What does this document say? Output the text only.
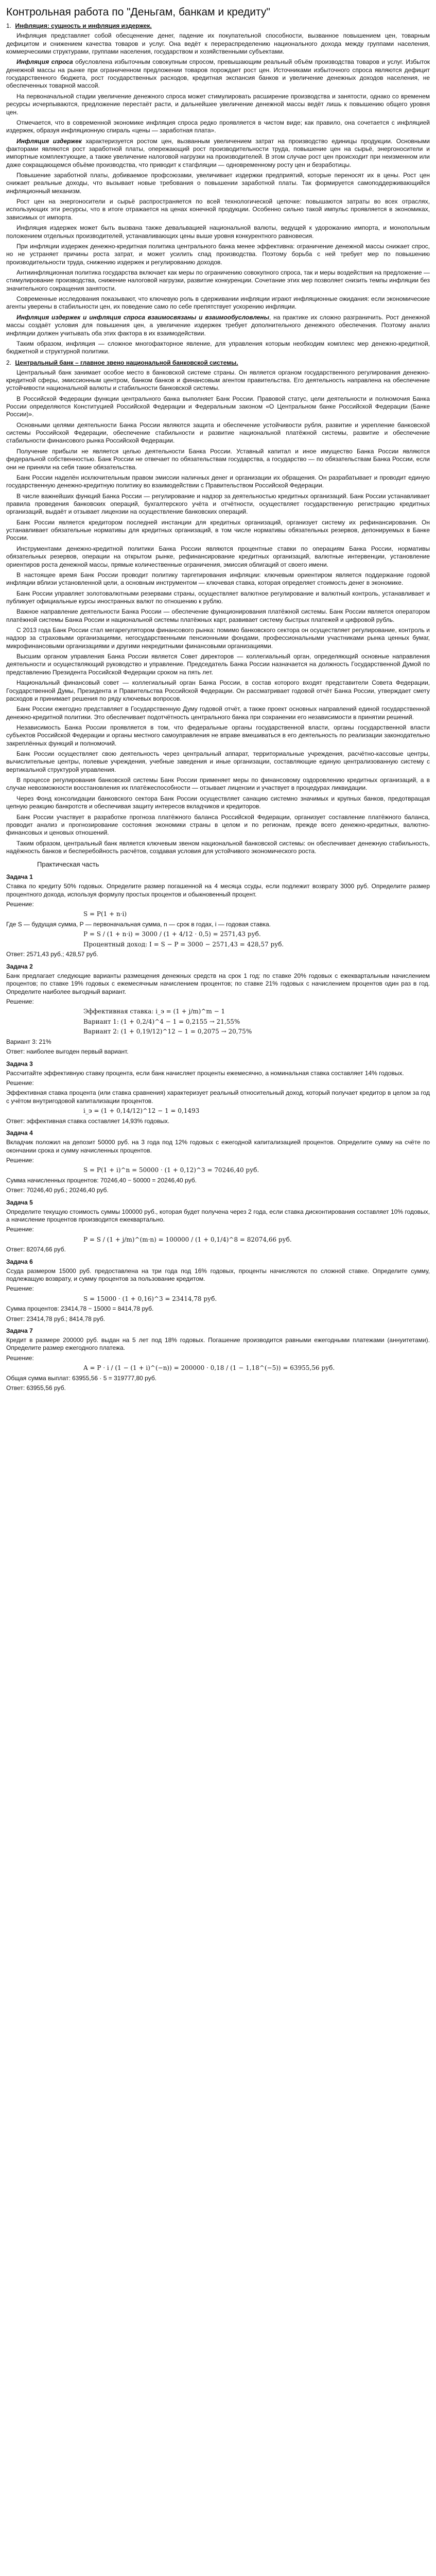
Контрольная работа по "Деньгам, банкам и кредиту"
1. Инфляция: сущность и инфляция издержек.

Инфляция представляет собой обесценение денег, падение их покупательной способности, вызванное повышением цен, товарным дефицитом и снижением качества товаров и услуг. Она ведёт к перераспределению национального дохода между группами населения, коммерческими структурами, группами населения, государством и хозяйственными субъектами.

Инфляция спроса обусловлена избыточным совокупным спросом, превышающим реальный объём производства товаров и услуг. Избыток денежной массы на рынке при ограниченном предложении товаров порождает рост цен. Источниками избыточного спроса являются дефицит государственного бюджета, рост государственных расходов, кредитная экспансия банков и увеличение денежных доходов населения, не обеспеченных товарной массой.

На первоначальной стадии увеличение денежного спроса может стимулировать расширение производства и занятости, однако со временем ресурсы исчерпываются, предложение перестаёт расти, и дальнейшее увеличение денежной массы ведёт лишь к повышению общего уровня цен.

Отмечается, что в современной экономике инфляция спроса редко проявляется в чистом виде; как правило, она сочетается с инфляцией издержек, образуя инфляционную спираль «цены — заработная плата».

Инфляция издержек характеризуется ростом цен, вызванным увеличением затрат на производство единицы продукции. Основными факторами являются рост заработной платы, опережающий рост производительности труда, повышение цен на сырьё, энергоносители и импортные комплектующие, а также увеличение налоговой нагрузки на производителей. В этом случае рост цен происходит при неизменном или даже сокращающемся объёме производства, что приводит к стагфляции — одновременному росту цен и безработицы.

Повышение заработной платы, добиваемое профсоюзами, увеличивает издержки предприятий, которые переносят их в цены. Рост цен снижает реальные доходы, что вызывает новые требования о повышении заработной платы. Так формируется самоподдерживающийся инфляционный механизм.

Рост цен на энергоносители и сырьё распространяется по всей технологической цепочке: повышаются затраты во всех отраслях, использующих эти ресурсы, что в итоге отражается на ценах конечной продукции. Особенно сильно такой импульс проявляется в экономиках, зависимых от импорта.

Инфляция издержек может быть вызвана также девальвацией национальной валюты, ведущей к удорожанию импорта, и монопольным положением отдельных производителей, устанавливающих цены выше уровня конкурентного равновесия.

При инфляции издержек денежно-кредитная политика центрального банка менее эффективна: ограничение денежной массы снижает спрос, но не устраняет причины роста затрат, и может усилить спад производства. Поэтому борьба с ней требует мер по повышению производительности труда, снижению издержек и регулированию доходов.

Антиинфляционная политика государства включает как меры по ограничению совокупного спроса, так и меры воздействия на предложение — стимулирование производства, снижение налоговой нагрузки, развитие конкуренции. Сочетание этих мер позволяет снизить темпы инфляции без значительного сокращения занятости.

Современные исследования показывают, что ключевую роль в сдерживании инфляции играют инфляционные ожидания: если экономические агенты уверены в стабильности цен, их поведение само по себе препятствует ускорению инфляции.

Инфляция издержек и инфляция спроса взаимосвязаны и взаимообусловлены, на практике их сложно разграничить. Рост денежной массы создаёт условия для повышения цен, а увеличение издержек требует дополнительного денежного обеспечения. Поэтому анализ инфляции должен учитывать оба этих фактора в их взаимодействии.

Таким образом, инфляция — сложное многофакторное явление, для управления которым необходим комплекс мер денежно-кредитной, бюджетной и структурной политики.

2. Центральный банк – главное звено национальной банковской системы.

Центральный банк занимает особое место в банковской системе страны. Он является органом государственного регулирования денежно-кредитной сферы, эмиссионным центром, банком банков и финансовым агентом правительства. Его деятельность направлена на обеспечение устойчивости национальной валюты и стабильности банковской системы.

В Российской Федерации функции центрального банка выполняет Банк России. Правовой статус, цели деятельности и полномочия Банка России определяются Конституцией Российской Федерации и Федеральным законом «О Центральном банке Российской Федерации (Банке России)».

Основными целями деятельности Банка России являются защита и обеспечение устойчивости рубля, развитие и укрепление банковской системы Российской Федерации, обеспечение стабильности и развитие национальной платёжной системы, развитие и обеспечение стабильности финансового рынка Российской Федерации.

Получение прибыли не является целью деятельности Банка России. Уставный капитал и иное имущество Банка России являются федеральной собственностью. Банк России не отвечает по обязательствам государства, а государство — по обязательствам Банка России, если они не приняли на себя такие обязательства.

Банк России наделён исключительным правом эмиссии наличных денег и организации их обращения. Он разрабатывает и проводит единую государственную денежно-кредитную политику во взаимодействии с Правительством Российской Федерации.

В числе важнейших функций Банка России — регулирование и надзор за деятельностью кредитных организаций. Банк России устанавливает правила проведения банковских операций, бухгалтерского учёта и отчётности, осуществляет государственную регистрацию кредитных организаций, выдаёт и отзывает лицензии на осуществление банковских операций.

Банк России является кредитором последней инстанции для кредитных организаций, организует систему их рефинансирования. Он устанавливает обязательные нормативы для кредитных организаций, в том числе нормативы обязательных резервов, депонируемых в Банке России.

Инструментами денежно-кредитной политики Банка России являются процентные ставки по операциям Банка России, нормативы обязательных резервов, операции на открытом рынке, рефинансирование кредитных организаций, валютные интервенции, установление ориентиров роста денежной массы, прямые количественные ограничения, эмиссия облигаций от своего имени.

В настоящее время Банк России проводит политику таргетирования инфляции: ключевым ориентиром является поддержание годовой инфляции вблизи установленной цели, а основным инструментом — ключевая ставка, которая определяет стоимость денег в экономике.

Банк России управляет золотовалютными резервами страны, осуществляет валютное регулирование и валютный контроль, устанавливает и публикует официальные курсы иностранных валют по отношению к рублю.

Важное направление деятельности Банка России — обеспечение функционирования платёжной системы. Банк России является оператором платёжной системы Банка России и национальной системы платёжных карт, развивает систему быстрых платежей и цифровой рубль.

С 2013 года Банк России стал мегарегулятором финансового рынка: помимо банковского сектора он осуществляет регулирование, контроль и надзор за страховыми организациями, негосударственными пенсионными фондами, профессиональными участниками рынка ценных бумаг, микрофинансовыми организациями и другими некредитными финансовыми организациями.

Высшим органом управления Банка России является Совет директоров — коллегиальный орган, определяющий основные направления деятельности и осуществляющий руководство и управление. Председатель Банка России назначается на должность Государственной Думой по представлению Президента Российской Федерации сроком на пять лет.

Национальный финансовый совет — коллегиальный орган Банка России, в состав которого входят представители Совета Федерации, Государственной Думы, Президента и Правительства Российской Федерации. Он рассматривает годовой отчёт Банка России, утверждает смету расходов и принимает решения по ряду ключевых вопросов.

Банк России ежегодно представляет в Государственную Думу годовой отчёт, а также проект основных направлений единой государственной денежно-кредитной политики. Это обеспечивает подотчётность центрального банка при сохранении его независимости в принятии решений.

Независимость Банка России проявляется в том, что федеральные органы государственной власти, органы государственной власти субъектов Российской Федерации и органы местного самоуправления не вправе вмешиваться в его деятельность по реализации законодательно закреплённых функций и полномочий.

Банк России осуществляет свою деятельность через центральный аппарат, территориальные учреждения, расчётно-кассовые центры, вычислительные центры, полевые учреждения, учебные заведения и иные организации, составляющие единую централизованную систему с вертикальной структурой управления.

В процессе регулирования банковской системы Банк России применяет меры по финансовому оздоровлению кредитных организаций, а в случае невозможности восстановления их платёжеспособности — отзывает лицензии и участвует в процедурах ликвидации.

Через Фонд консолидации банковского сектора Банк России осуществляет санацию системно значимых и крупных банков, предотвращая цепную реакцию банкротств и обеспечивая защиту интересов вкладчиков и кредиторов.

Банк России участвует в разработке прогноза платёжного баланса Российской Федерации, организует составление платёжного баланса, проводит анализ и прогнозирование состояния экономики страны в целом и по регионам, прежде всего денежно-кредитных, валютно-финансовых и ценовых отношений.

Таким образом, центральный банк является ключевым звеном национальной банковской системы: он обеспечивает денежную стабильность, надёжность банков и бесперебойность расчётов, создавая условия для устойчивого экономического роста.

Практическая часть
Задача 1
Ставка по кредиту 50% годовых. Определите размер погашенной на 4 месяца ссуды, если подлежит возврату 3000 руб. Определите размер процентного дохода, используя формулу простых процентов и обыкновенный процент.
Решение:
S = P(1 + n·i)
Где S — будущая сумма, P — первоначальная сумма, n — срок в годах, i — годовая ставка.
P = S / (1 + n·i) = 3000 / (1 + 4/12 · 0,5) = 2571,43 руб.
Процентный доход: I = S − P = 3000 − 2571,43 = 428,57 руб.
Ответ: 2571,43 руб.; 428,57 руб.
Задача 2
Банк предлагает следующие варианты размещения денежных средств на срок 1 год: по ставке 20% годовых с ежеквартальным начислением процентов; по ставке 19% годовых с ежемесячным начислением процентов; по ставке 21% годовых с начислением процентов один раз в год. Определите наиболее выгодный вариант.
Решение:
Эффективная ставка: i_э = (1 + j/m)^m − 1
Вариант 1: (1 + 0,2/4)^4 − 1 = 0,2155 → 21,55%
Вариант 2: (1 + 0,19/12)^12 − 1 = 0,2075 → 20,75%
Вариант 3: 21%
Ответ: наиболее выгоден первый вариант.
Задача 3
Рассчитайте эффективную ставку процента, если банк начисляет проценты ежемесячно, а номинальная ставка составляет 14% годовых.
Решение:
Эффективная ставка процента (или ставка сравнения) характеризует реальный относительный доход, который получает кредитор в целом за год с учётом внутригодовой капитализации процентов.
i_э = (1 + 0,14/12)^12 − 1 = 0,1493
Ответ: эффективная ставка составляет 14,93% годовых.
Задача 4
Вкладчик положил на депозит 50000 руб. на 3 года под 12% годовых с ежегодной капитализацией процентов. Определите сумму на счёте по окончании срока и сумму начисленных процентов.
Решение:
S = P(1 + i)^n = 50000 · (1 + 0,12)^3 = 70246,40 руб.
Сумма начисленных процентов: 70246,40 − 50000 = 20246,40 руб.
Ответ: 70246,40 руб.; 20246,40 руб.
Задача 5
Определите текущую стоимость суммы 100000 руб., которая будет получена через 2 года, если ставка дисконтирования составляет 10% годовых, а начисление процентов производится ежеквартально.
Решение:
P = S / (1 + j/m)^(m·n) = 100000 / (1 + 0,1/4)^8 = 82074,66 руб.
Ответ: 82074,66 руб.
Задача 6
Ссуда размером 15000 руб. предоставлена на три года под 16% годовых, проценты начисляются по сложной ставке. Определите сумму, подлежащую возврату, и сумму процентов за пользование кредитом.
Решение:
S = 15000 · (1 + 0,16)^3 = 23414,78 руб.
Сумма процентов: 23414,78 − 15000 = 8414,78 руб.
Ответ: 23414,78 руб.; 8414,78 руб.
Задача 7
Кредит в размере 200000 руб. выдан на 5 лет под 18% годовых. Погашение производится равными ежегодными платежами (аннуитетами). Определите размер ежегодного платежа.
Решение:
A = P · i / (1 − (1 + i)^(−n)) = 200000 · 0,18 / (1 − 1,18^(−5)) = 63955,56 руб.
Общая сумма выплат: 63955,56 · 5 = 319777,80 руб.
Ответ: 63955,56 руб.
